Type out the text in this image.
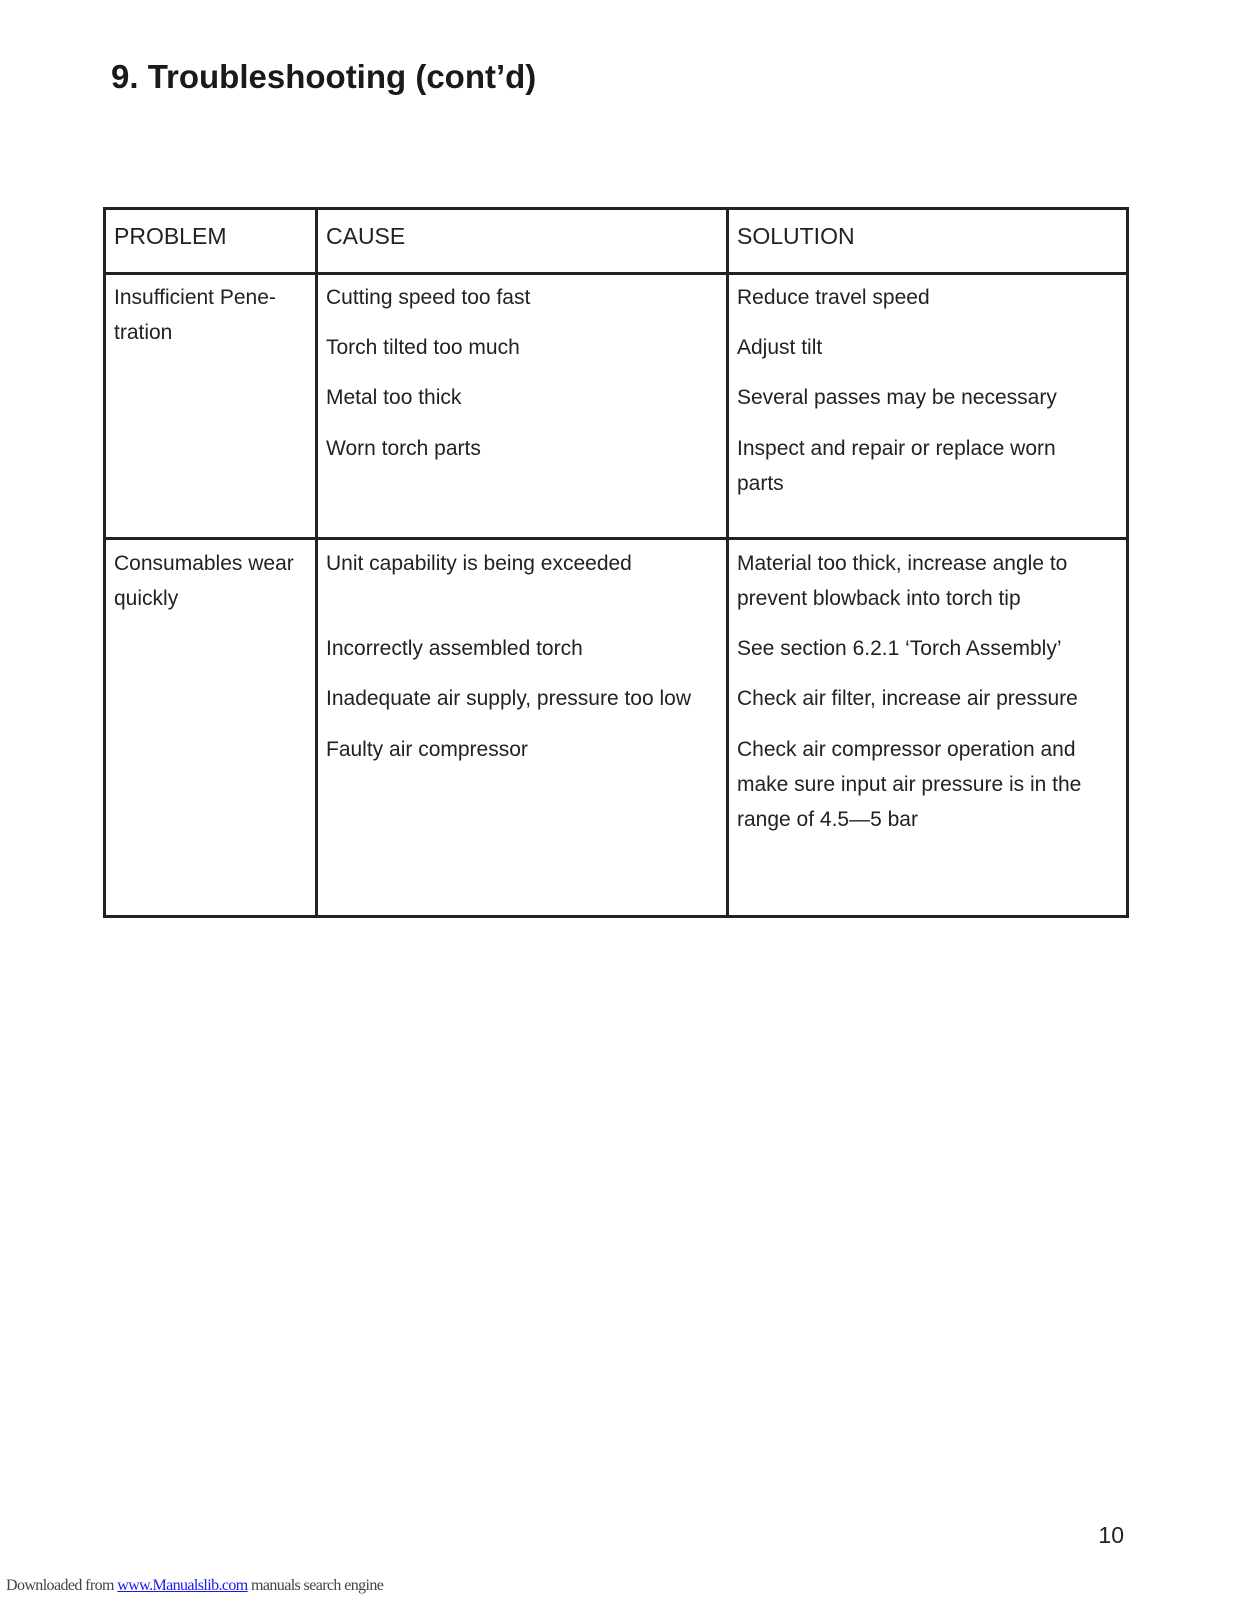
9. Troubleshooting (cont’d)
PROBLEM	CAUSE	SOLUTION
Insufficient Pene-
tration
Cutting speed too fast
Torch tilted too much
Metal too thick
Worn torch parts
Reduce travel speed
Adjust tilt
Several passes may be necessary
Inspect and repair or replace worn
parts
Consumables wear
quickly
Unit capability is being exceeded
Incorrectly assembled torch
Inadequate air supply, pressure too low
Faulty air compressor
Material too thick, increase angle to
prevent blowback into torch tip
See section 6.2.1 ‘Torch Assembly’
Check air filter, increase air pressure
Check air compressor operation and
make sure input air pressure is in the
range of 4.5—5 bar
10
Downloaded from www.Manualslib.com manuals search engine
